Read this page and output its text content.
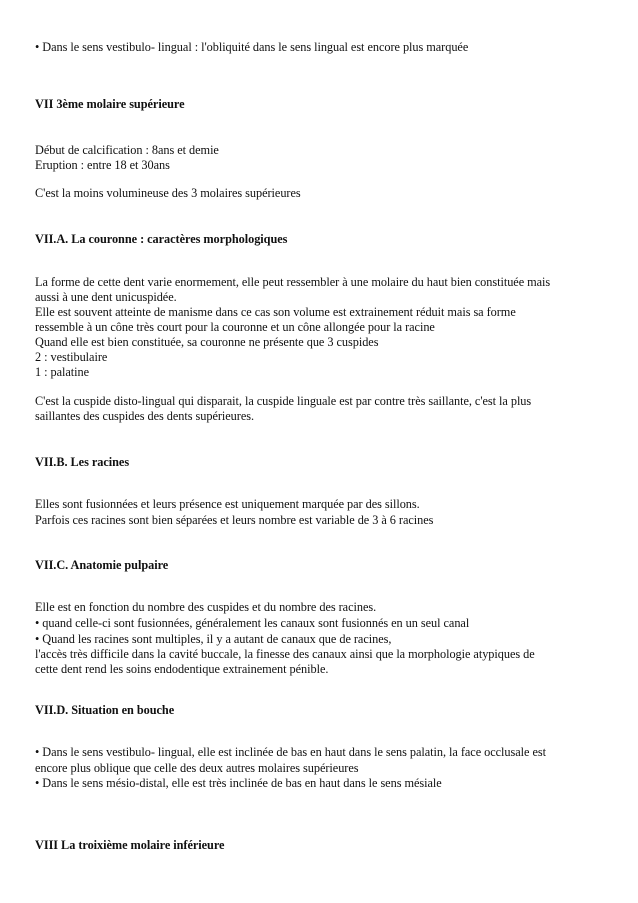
• Dans le sens vestibulo- lingual : l'obliquité dans le sens lingual est encore plus marquée
VII 3ème molaire supérieure
Début de calcification : 8ans et demie
Eruption : entre 18 et 30ans
C'est la moins volumineuse des 3 molaires supérieures
VII.A. La couronne : caractères morphologiques
La forme de cette dent varie enormement, elle peut ressembler à une molaire du haut bien constituée mais
aussi à une dent unicuspidée.
Elle est souvent atteinte de manisme dans ce cas son volume est extrainement réduit mais sa forme
ressemble à un cône très court pour la couronne et un cône allongée pour la racine
Quand elle est bien constituée, sa couronne ne présente que 3 cuspides
2 : vestibulaire
1 : palatine
C'est la cuspide disto-lingual qui disparait, la cuspide linguale est par contre très saillante, c'est la plus
saillantes des cuspides des dents supérieures.
VII.B. Les racines
Elles sont fusionnées et leurs présence est uniquement marquée par des sillons.
Parfois ces racines sont bien séparées et leurs nombre est variable de 3 à 6 racines
VII.C. Anatomie pulpaire
Elle est en fonction du nombre des cuspides et du nombre des racines.
• quand celle-ci sont fusionnées, généralement les canaux sont fusionnés en un seul canal
• Quand les racines sont multiples, il y a autant de canaux que de racines,
l'accès très difficile dans la cavité buccale, la finesse des canaux ainsi que la morphologie atypiques de
cette dent rend les soins endodentique extrainement pénible.
VII.D. Situation en bouche
• Dans le sens vestibulo- lingual, elle est inclinée de bas en haut dans le sens palatin, la face occlusale est
encore plus oblique que celle des deux autres molaires supérieures
• Dans le sens mésio-distal, elle est très inclinée de bas en haut dans le sens mésiale
VIII La troixième molaire inférieure
